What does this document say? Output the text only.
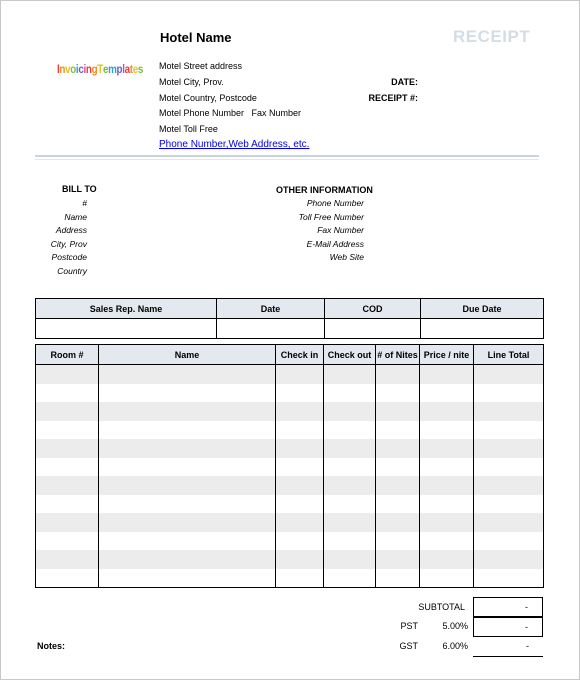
Hotel Name	RECEIPT
InvoicingTemplates Motel Street address
Motel City, Prov.
Motel Country, Postcode
Motel Phone Number   Fax Number
Motel Toll Free
Phone Number,Web Address, etc.
DATE:
RECEIPT #:
BILL TO
#
Name
Address
City, Prov
Postcode
Country
OTHER INFORMATION
Phone Number
Toll Free Number
Fax Number
E-Mail Address
Web Site
Sales Rep. Name	Date	COD	Due Date

Room #	Name	Check in	Check out	# of Nites	Price / nite	Line Total

SUBTOTAL	-
PST	5.00%	-
GST	6.00%	-
Notes:
